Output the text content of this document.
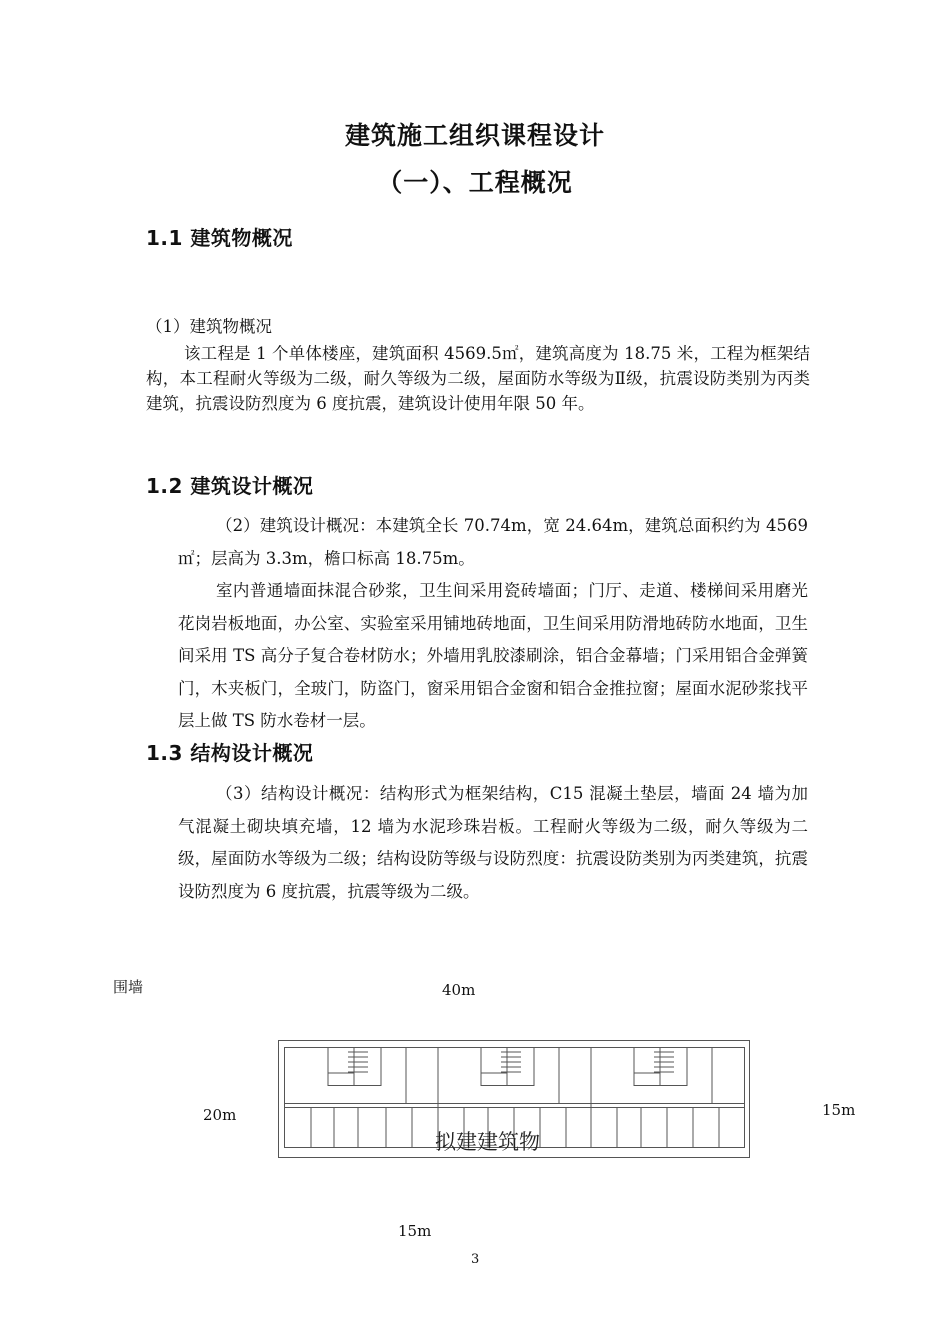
建筑施工组织课程设计
（一）、工程概况
1.1 建筑物概况
（1）建筑物概况
该工程是 1 个单体楼座，建筑面积 4569.5㎡，建筑高度为 18.75 米，工程为框架结构，本工程耐火等级为二级，耐久等级为二级，屋面防水等级为Ⅱ级，抗震设防类别为丙类建筑，抗震设防烈度为 6 度抗震，建筑设计使用年限 50 年。
1.2 建筑设计概况
（2）建筑设计概况：本建筑全长 70.74m，宽 24.64m，建筑总面积约为 4569 ㎡；层高为 3.3m，檐口标高 18.75m。
室内普通墙面抹混合砂浆，卫生间采用瓷砖墙面；门厅、走道、楼梯间采用磨光花岗岩板地面，办公室、实验室采用铺地砖地面，卫生间采用防滑地砖防水地面，卫生间采用 TS 高分子复合卷材防水；外墙用乳胶漆刷涂，铝合金幕墙；门采用铝合金弹簧门，木夹板门，全玻门，防盗门，窗采用铝合金窗和铝合金推拉窗；屋面水泥砂浆找平层上做 TS 防水卷材一层。
1.3 结构设计概况
（3）结构设计概况：结构形式为框架结构，C15 混凝土垫层，墙面 24 墙为加气混凝土砌块填充墙，12 墙为水泥珍珠岩板。工程耐火等级为二级，耐久等级为二级，屋面防水等级为二级；结构设防等级与设防烈度：抗震设防类别为丙类建筑，抗震设防烈度为 6 度抗震，抗震等级为二级。
围墙	40m
20m	15m
15m
拟建建筑物
3
